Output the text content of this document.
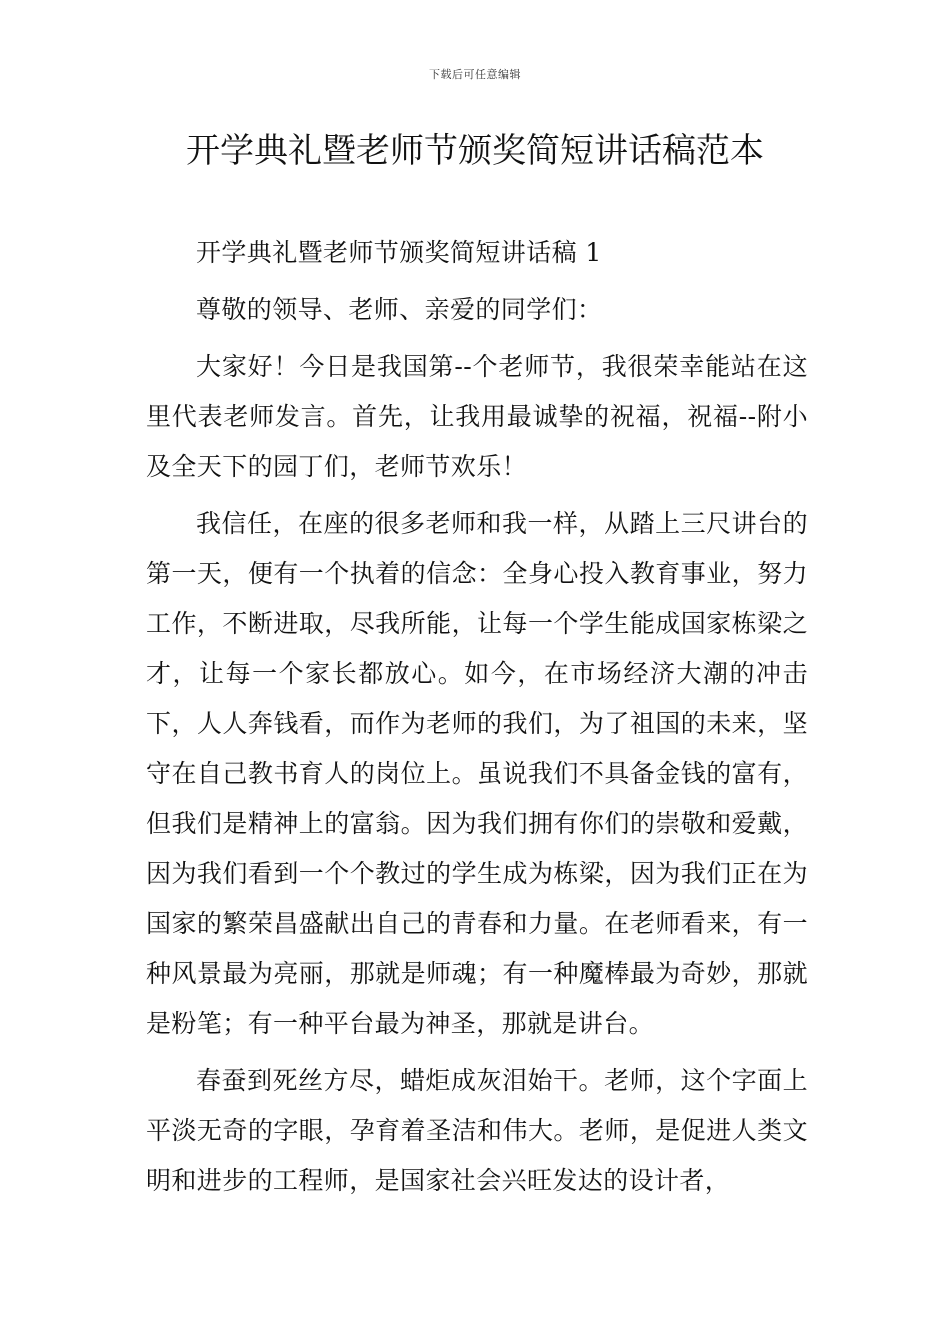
下载后可任意编辑
开学典礼暨老师节颁奖简短讲话稿范本

开学典礼暨老师节颁奖简短讲话稿 1

尊敬的领导、老师、亲爱的同学们：

大家好！今日是我国第--个老师节，我很荣幸能站在这里代表老师发言。首先，让我用最诚挚的祝福，祝福--附小及全天下的园丁们，老师节欢乐！

我信任，在座的很多老师和我一样，从踏上三尺讲台的第一天，便有一个执着的信念：全身心投入教育事业，努力工作，不断进取，尽我所能，让每一个学生能成国家栋梁之才，让每一个家长都放心。如今，在市场经济大潮的冲击下，人人奔钱看，而作为老师的我们，为了祖国的未来，坚守在自己教书育人的岗位上。虽说我们不具备金钱的富有，但我们是精神上的富翁。因为我们拥有你们的崇敬和爱戴，因为我们看到一个个教过的学生成为栋梁，因为我们正在为国家的繁荣昌盛献出自己的青春和力量。在老师看来，有一种风景最为亮丽，那就是师魂；有一种魔棒最为奇妙，那就是粉笔；有一种平台最为神圣，那就是讲台。

春蚕到死丝方尽，蜡炬成灰泪始干。老师，这个字面上平淡无奇的字眼，孕育着圣洁和伟大。老师，是促进人类文明和进步的工程师，是国家社会兴旺发达的设计者，
